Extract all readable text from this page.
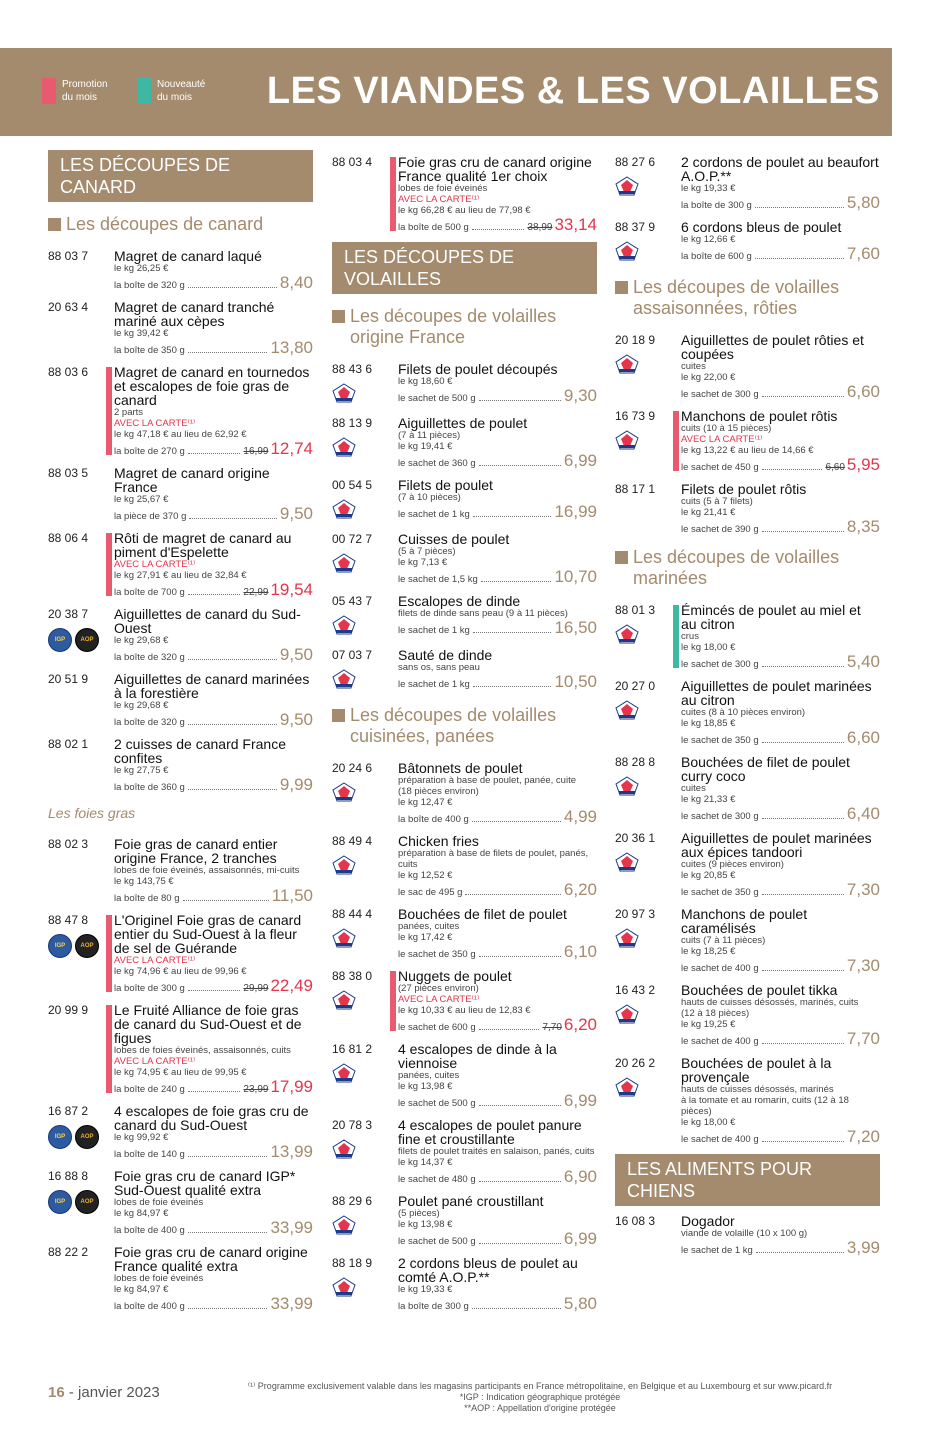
Promotion du mois
Nouveauté du mois	LES VIANDES & LES VOLAILLES
LES DÉCOUPES DE CANARD
Les découpes de canard
88 03 7	Magret de canard laqué
le kg 26,25 €
la boîte de 320 g	8,40
20 63 4	Magret de canard tranché mariné aux cèpes
le kg 39,42 €
la boîte de 350 g	13,80
88 03 6	Magret de canard en tournedos et escalopes de foie gras de canard
2 parts
AVEC LA CARTE⁽¹⁾
le kg 47,18 € au lieu de 62,92 €
la boîte de 270 g	16,99 12,74
88 03 5	Magret de canard origine France
le kg 25,67 €
la pièce de 370 g	9,50
88 06 4	Rôti de magret de canard au piment d'Espelette
AVEC LA CARTE⁽¹⁾
le kg 27,91 € au lieu de 32,84 €
la boîte de 700 g	22,99 19,54
20 38 7
IGP	AOP
Aiguillettes de canard du Sud-Ouest
le kg 29,68 €
la boîte de 320 g	9,50
20 51 9	Aiguillettes de canard marinées à la forestière
le kg 29,68 €
la boîte de 320 g	9,50
88 02 1	2 cuisses de canard France confites
le kg 27,75 €
la boîte de 360 g	9,99
Les foies gras
88 02 3	Foie gras de canard entier origine France, 2 tranches
lobes de foie éveinés, assaisonnés, mi-cuits
le kg 143,75 €
la boîte de 80 g	11,50
88 47 8
IGP	AOP
L'Originel Foie gras de canard entier du Sud-Ouest à la fleur de sel de Guérande
AVEC LA CARTE⁽¹⁾
le kg 74,96 € au lieu de 99,96 €
la boîte de 300 g	29,99 22,49
20 99 9	Le Fruité Alliance de foie gras de canard du Sud-Ouest et de figues
lobes de foies éveinés, assaisonnés, cuits
AVEC LA CARTE⁽¹⁾
le kg 74,95 € au lieu de 99,95 €
la boîte de 240 g	23,99 17,99
16 87 2
IGP	AOP
4 escalopes de foie gras cru de canard du Sud-Ouest
le kg 99,92 €
la boîte de 140 g	13,99
16 88 8
IGP	AOP
Foie gras cru de canard IGP* Sud-Ouest qualité extra
lobes de foie éveinés
le kg 84,97 €
la boîte de 400 g	33,99
88 22 2	Foie gras cru de canard origine France qualité extra
lobes de foie éveinés
le kg 84,97 €
la boîte de 400 g	33,99
88 03 4	Foie gras cru de canard origine France qualité 1er choix
lobes de foie éveinés
AVEC LA CARTE⁽¹⁾
le kg 66,28 € au lieu de 77,98 €
la boîte de 500 g	38,99 33,14
LES DÉCOUPES DE VOLAILLES
Les découpes de volailles origine France
88 43 6	Filets de poulet découpés
le kg 18,60 €
le sachet de 500 g	9,30
88 13 9	Aiguillettes de poulet
(7 à 11 pièces)
le kg 19,41 €
le sachet de 360 g	6,99
00 54 5	Filets de poulet
(7 à 10 pièces)
le sachet de 1 kg	16,99
00 72 7	Cuisses de poulet
(5 à 7 pièces)
le kg 7,13 €
le sachet de 1,5 kg	10,70
05 43 7	Escalopes de dinde
filets de dinde sans peau (9 à 11 pièces)
le sachet de 1 kg	16,50
07 03 7	Sauté de dinde
sans os, sans peau
le sachet de 1 kg	10,50
Les découpes de volailles cuisinées, panées
20 24 6	Bâtonnets de poulet
préparation à base de poulet, panée, cuite
(18 pièces environ)
le kg 12,47 €
la boîte de 400 g	4,99
88 49 4	Chicken fries
préparation à base de filets de poulet, panés, cuits
le kg 12,52 €
le sac de 495 g	6,20
88 44 4	Bouchées de filet de poulet
panées, cuites
le kg 17,42 €
le sachet de 350 g	6,10
88 38 0	Nuggets de poulet
(27 pièces environ)
AVEC LA CARTE⁽¹⁾
le kg 10,33 € au lieu de 12,83 €
le sachet de 600 g	7,70 6,20
16 81 2	4 escalopes de dinde à la viennoise
panées, cuites
le kg 13,98 €
le sachet de 500 g	6,99
20 78 3	4 escalopes de poulet panure fine et croustillante
filets de poulet traités en salaison, panés, cuits
le kg 14,37 €
le sachet de 480 g	6,90
88 29 6	Poulet pané croustillant
(5 pièces)
le kg 13,98 €
le sachet de 500 g	6,99
88 18 9	2 cordons bleus de poulet au comté A.O.P.**
le kg 19,33 €
la boîte de 300 g	5,80
88 27 6	2 cordons de poulet au beaufort A.O.P.**
le kg 19,33 €
la boîte de 300 g	5,80
88 37 9	6 cordons bleus de poulet
le kg 12,66 €
la boîte de 600 g	7,60
Les découpes de volailles assaisonnées, rôties
20 18 9	Aiguillettes de poulet rôties et coupées
cuites
le kg 22,00 €
le sachet de 300 g	6,60
16 73 9	Manchons de poulet rôtis
cuits (10 à 15 pièces)
AVEC LA CARTE⁽¹⁾
le kg 13,22 € au lieu de 14,66 €
le sachet de 450 g	6,60 5,95
88 17 1	Filets de poulet rôtis
cuits (5 à 7 filets)
le kg 21,41 €
le sachet de 390 g	8,35
Les découpes de volailles marinées
88 01 3	Émincés de poulet au miel et au citron
crus
le kg 18,00 €
le sachet de 300 g	5,40
20 27 0	Aiguillettes de poulet marinées au citron
cuites (8 à 10 pièces environ)
le kg 18,85 €
le sachet de 350 g	6,60
88 28 8	Bouchées de filet de poulet curry coco
cuites
le kg 21,33 €
le sachet de 300 g	6,40
20 36 1	Aiguillettes de poulet marinées aux épices tandoori
cuites (9 pièces environ)
le kg 20,85 €
le sachet de 350 g	7,30
20 97 3	Manchons de poulet caramélisés
cuits (7 à 11 pièces)
le kg 18,25 €
le sachet de 400 g	7,30
16 43 2	Bouchées de poulet tikka
hauts de cuisses désossés, marinés, cuits
(12 à 18 pièces)
le kg 19,25 €
le sachet de 400 g	7,70
20 26 2	Bouchées de poulet à la provençale
hauts de cuisses désossés, marinés
à la tomate et au romarin, cuits (12 à 18 pièces)
le kg 18,00 €
le sachet de 400 g	7,20
LES ALIMENTS POUR CHIENS
16 08 3	Dogador
viande de volaille (10 x 100 g)
le sachet de 1 kg	3,99
16 - janvier 2023	⁽¹⁾ Programme exclusivement valable dans les magasins participants en France métropolitaine, en Belgique et au Luxembourg et sur www.picard.fr
*IGP : Indication géographique protégée
**AOP : Appellation d'origine protégée
